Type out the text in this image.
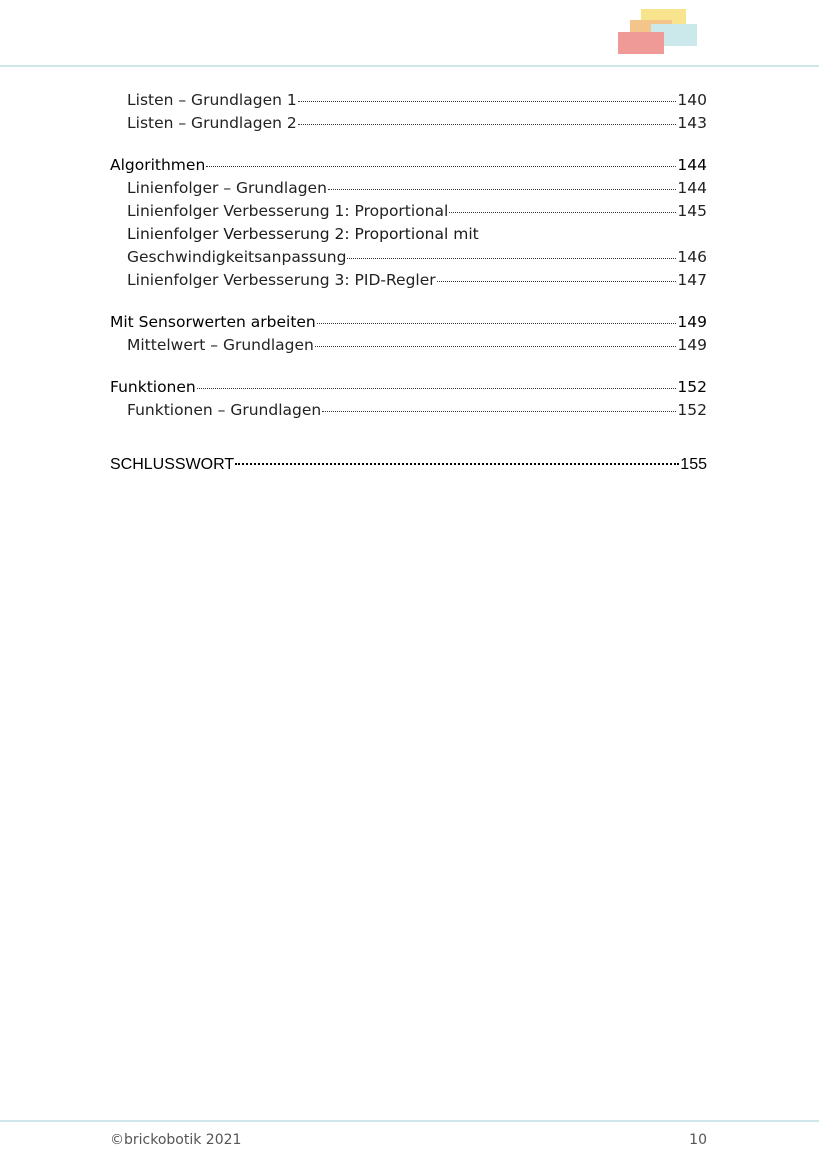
Listen – Grundlagen 1	140
Listen – Grundlagen 2	143
Algorithmen	144
Linienfolger – Grundlagen	144
Linienfolger Verbesserung 1: Proportional	145
Linienfolger Verbesserung 2: Proportional mit
Geschwindigkeitsanpassung	146
Linienfolger Verbesserung 3: PID-Regler	147
Mit Sensorwerten arbeiten	149
Mittelwert – Grundlagen	149
Funktionen	152
Funktionen – Grundlagen	152
SCHLUSSWORT	155
©brickobotik 2021	10
